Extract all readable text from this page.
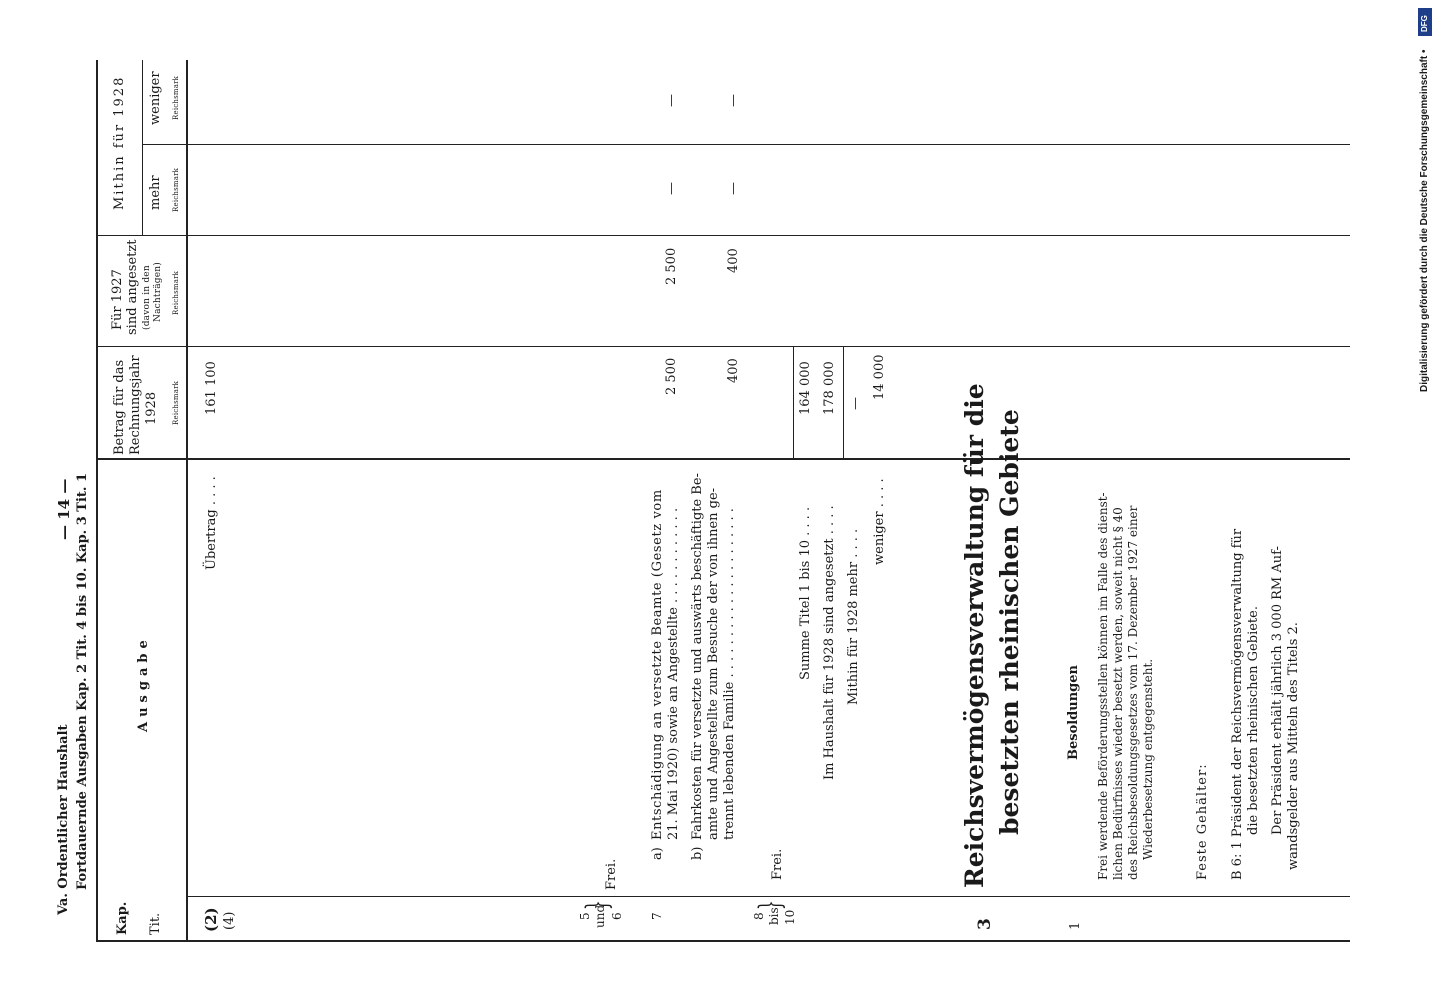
Va. Ordentlicher Haushalt Fortdauernde Ausgaben Kap. 2 Tit. 4 bis 10. Kap. 3 Tit. 1
— 14 —
Kap. Tit.
Ausgabe
Betrag für das Rechnungsjahr 1928 Reichsmark
Für 1927 sind angesetzt (davon in den Nachträgen) Reichsmark
Mithin für 1928 mehr Reichsmark
weniger Reichsmark
(2) (4)
Übertrag . . . .
161 100
5 und 6
}
Frei.
7
a)
Entschädigung an versetzte Beamte (Gesetz vom 21. Mai 1920) sowie an Angestellte . . . . . . . . . . . .
2 500
2 500
—
—
b)
Fahrkosten für versetzte und auswärts beschäftigte Be- amte und Angestellte zum Besuche der von ihnen ge- trennt lebenden Familie . . . . . . . . . . . . . . . . . . . . .
400
400
—
—
8 bis 10
}
Frei.
Summe Titel 1 bis 10 . . . .
164 000
Im Haushalt für 1928 sind angesetzt . . . .
178 000
Mithin für 1928 mehr . . . .
—
weniger . . . .
14 000
3
Reichsvermögensverwaltung für die besetzten rheinischen Gebiete	Besoldungen
1
Frei werdende Beförderungsstellen können im Falle des dienst- lichen Bedürfnisses wieder besetzt werden, soweit nicht § 40 des Reichsbesoldungsgesetzes vom 17. Dezember 1927 einer Wiederbesetzung entgegensteht.	Feste Gehälter: B 6: 1 Präsident der Reichsvermögensverwaltung für die besetzten rheinischen Gebiete. Der Präsident erhält jährlich 3 000 RM Auf- wandsgelder aus Mitteln des Titels 2.
Digitalisierung gefördert durch die Deutsche Forschungsgemeinschaft •
DFG
